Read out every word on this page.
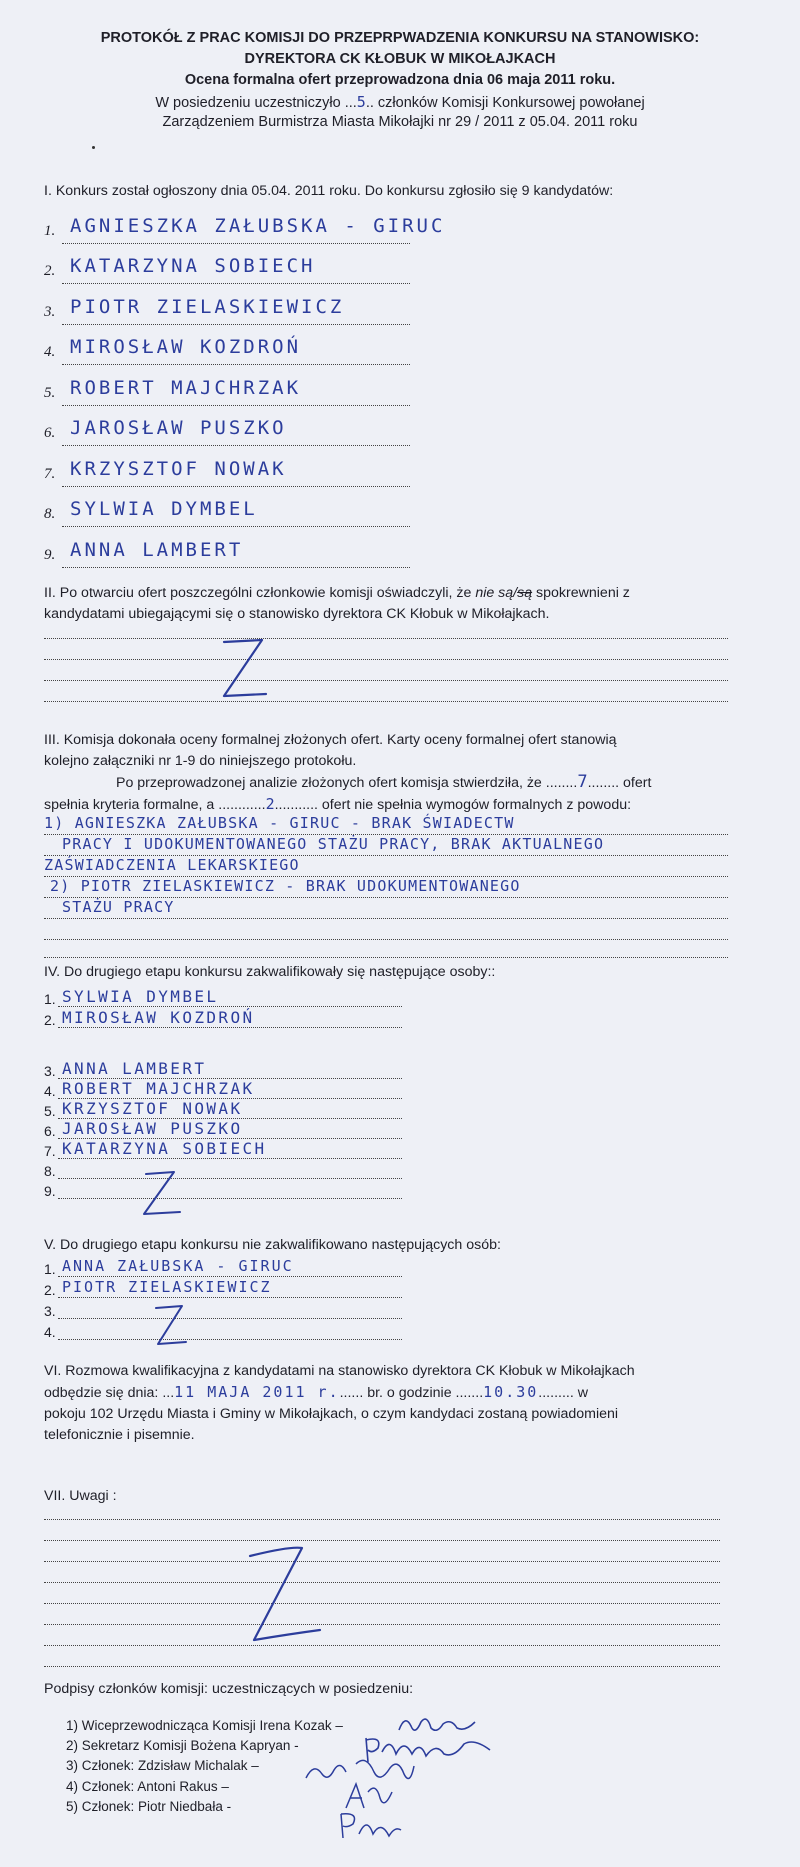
PROTOKÓŁ Z PRAC KOMISJI DO PRZEPRPWADZENIA KONKURSU NA STANOWISKO:
DYREKTORA CK KŁOBUK W MIKOŁAJKACH
Ocena formalna ofert przeprowadzona dnia 06 maja 2011 roku.
W posiedzeniu uczestniczyło ...5.. członków Komisji Konkursowej powołanej
Zarządzeniem Burmistrza Miasta Mikołajki nr 29 / 2011 z 05.04. 2011 roku
I. Konkurs został ogłoszony dnia 05.04. 2011 roku. Do konkursu zgłosiło się 9 kandydatów:
1. AGNIESZKA ZAŁUBSKA - GIRUC
2. KATARZYNA SOBIECH
3. PIOTR ZIELASKIEWICZ
4. MIROSŁAW KOZDROŃ
5. ROBERT MAJCHRZAK
6. JAROSŁAW PUSZKO
7. KRZYSZTOF NOWAK
8. SYLWIA DYMBEL
9. ANNA LAMBERT
II. Po otwarciu ofert poszczególni członkowie komisji oświadczyli, że nie są/są spokrewnieni z
kandydatami ubiegającymi się o stanowisko dyrektora CK Kłobuk w Mikołajkach.
III. Komisja dokonała oceny formalnej złożonych ofert. Karty oceny formalnej ofert stanowią
kolejno załączniki nr 1-9 do niniejszego protokołu.
Po przeprowadzonej analizie złożonych ofert komisja stwierdziła, że ........7........ ofert
spełnia kryteria formalne, a ............2........... ofert nie spełnia wymogów formalnych z powodu:
1) AGNIESZKA ZAŁUBSKA - GIRUC - BRAK ŚWIADECTW
PRACY I UDOKUMENTOWANEGO STAŻU PRACY, BRAK AKTUALNEGO
ZAŚWIADCZENIA LEKARSKIEGO
2) PIOTR ZIELASKIEWICZ - BRAK UDOKUMENTOWANEGO
STAŻU PRACY
IV. Do drugiego etapu konkursu zakwalifikowały się następujące osoby::
1. SYLWIA DYMBEL
2. MIROSŁAW KOZDROŃ
3. ANNA LAMBERT
4. ROBERT MAJCHRZAK
5. KRZYSZTOF NOWAK
6. JAROSŁAW PUSZKO
7. KATARZYNA SOBIECH
8.
9.
V. Do drugiego etapu konkursu nie zakwalifikowano następujących osób:
1. ANNA ZAŁUBSKA - GIRUC
2. PIOTR ZIELASKIEWICZ
3.
4.
VI. Rozmowa kwalifikacyjna z kandydatami na stanowisko dyrektora CK Kłobuk w Mikołajkach
odbędzie się dnia: ...11 MAJA 2011 r....... br. o godzinie .......10.30......... w
pokoju 102 Urzędu Miasta i Gminy w Mikołajkach, o czym kandydaci zostaną powiadomieni
telefonicznie i pisemnie.
VII. Uwagi :
Podpisy członków komisji: uczestniczących w posiedzeniu:
1) Wiceprzewodnicząca Komisji Irena Kozak –
2) Sekretarz Komisji Bożena Kapryan -
3) Członek: Zdzisław Michalak –
4) Członek: Antoni Rakus –
5) Członek: Piotr Niedbała -
